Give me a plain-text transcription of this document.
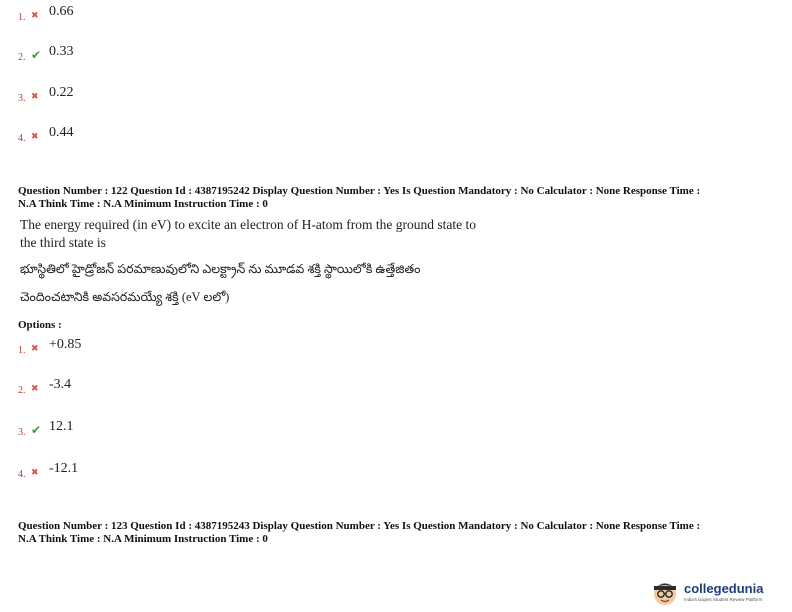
1. ✖ 0.66
2. ✔ 0.33
3. ✖ 0.22
4. ✖ 0.44
Question Number : 122 Question Id : 4387195242 Display Question Number : Yes Is Question Mandatory : No Calculator : None Response Time :
N.A Think Time : N.A Minimum Instruction Time : 0
The energy required (in eV) to excite an electron of H-atom from the ground state to
the third state is
భూస్థితిలో హైడ్రోజన్ పరమాణువులోని ఎలక్ట్రాన్ ను మూడవ శక్తి స్థాయిలోకి ఉత్తేజితం
చెందించటానికి అవసరమయ్యే శక్తి (eV లలో)
Options :
1. ✖ +0.85
2. ✖ -3.4
3. ✔ 12.1
4. ✖ -12.1
Question Number : 123 Question Id : 4387195243 Display Question Number : Yes Is Question Mandatory : No Calculator : None Response Time :
N.A Think Time : N.A Minimum Instruction Time : 0
collegeduniа
India's largest Student Review Platform
